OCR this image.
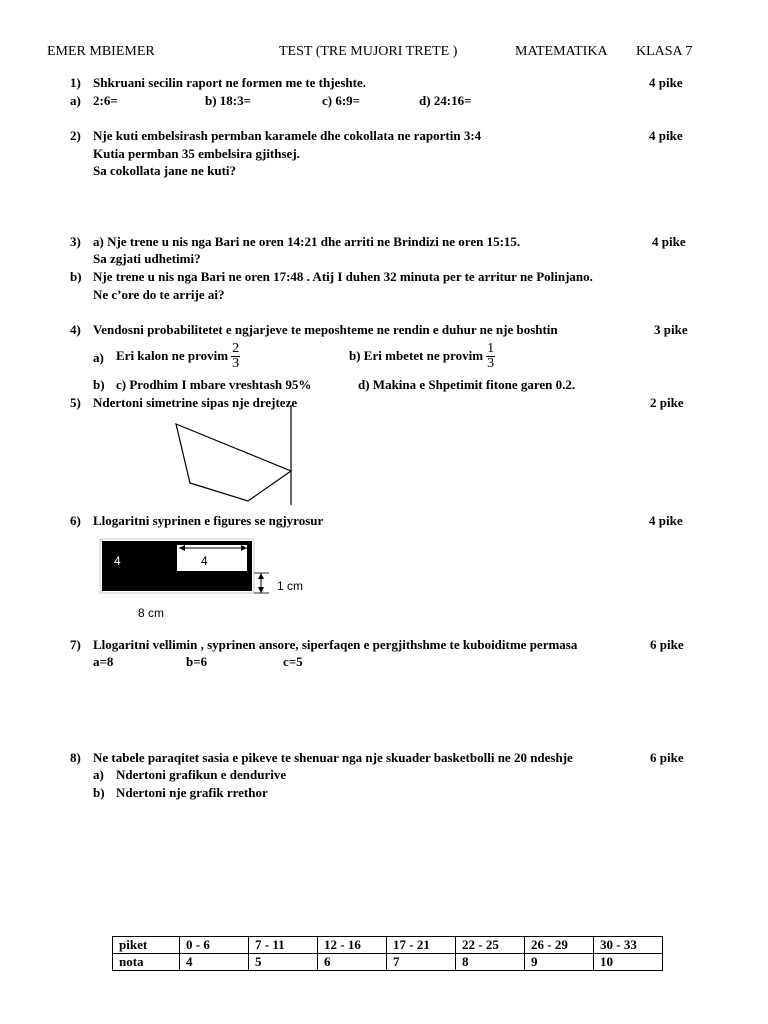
EMER MBIEMER	TEST (TRE MUJORI TRETE )	MATEMATIKA KLASA 7
1) Shkruani secilin raport ne formen me te thjeshte.	4 pike
a) 2:6=	b) 18:3=	c) 6:9=	d) 24:16=
2) Nje kuti embelsirash permban karamele dhe cokollata ne raportin 3:4	4 pike
Kutia permban 35 embelsira gjithsej.
Sa cokollata jane ne kuti?
3) a) Nje trene u nis nga Bari ne oren 14:21 dhe arriti ne Brindizi ne oren 15:15.	4 pike
Sa zgjati udhetimi?
b) Nje trene u nis nga Bari ne oren 17:48 . Atij I duhen 32 minuta per te arritur ne Polinjano.
Ne c’ore do te arrije ai?
4) Vendosni probabilitetet e ngjarjeve te meposhteme ne rendin e duhur ne nje boshtin	3 pike
a) Eri kalon ne provim $\frac{2}{3}$	b) Eri mbetet ne provim $\frac{1}{3}$
b) c) Prodhim I mbare vreshtash 95%	d) Makina e Shpetimit fitone garen 0.2.
5) Ndertoni simetrine sipas nje drejteze	2 pike
6) Llogaritni syprinen e figures se ngjyrosur	4 pike
4	4
1 cm
8 cm
7) Llogaritni vellimin , syprinen ansore, siperfaqen e pergjithshme te kuboiditme permasa	6 pike
a=8	b=6	c=5
8) Ne tabele paraqitet sasia e pikeve te shenuar nga nje skuader basketbolli ne 20 ndeshje	6 pike
a) Ndertoni grafikun e dendurive
b) Ndertoni nje grafik rrethor
piket	0 - 6	7 - 11	12 - 16	17 - 21	22 - 25	26 - 29	30 - 33
nota	4	5	6	7	8	9	10
